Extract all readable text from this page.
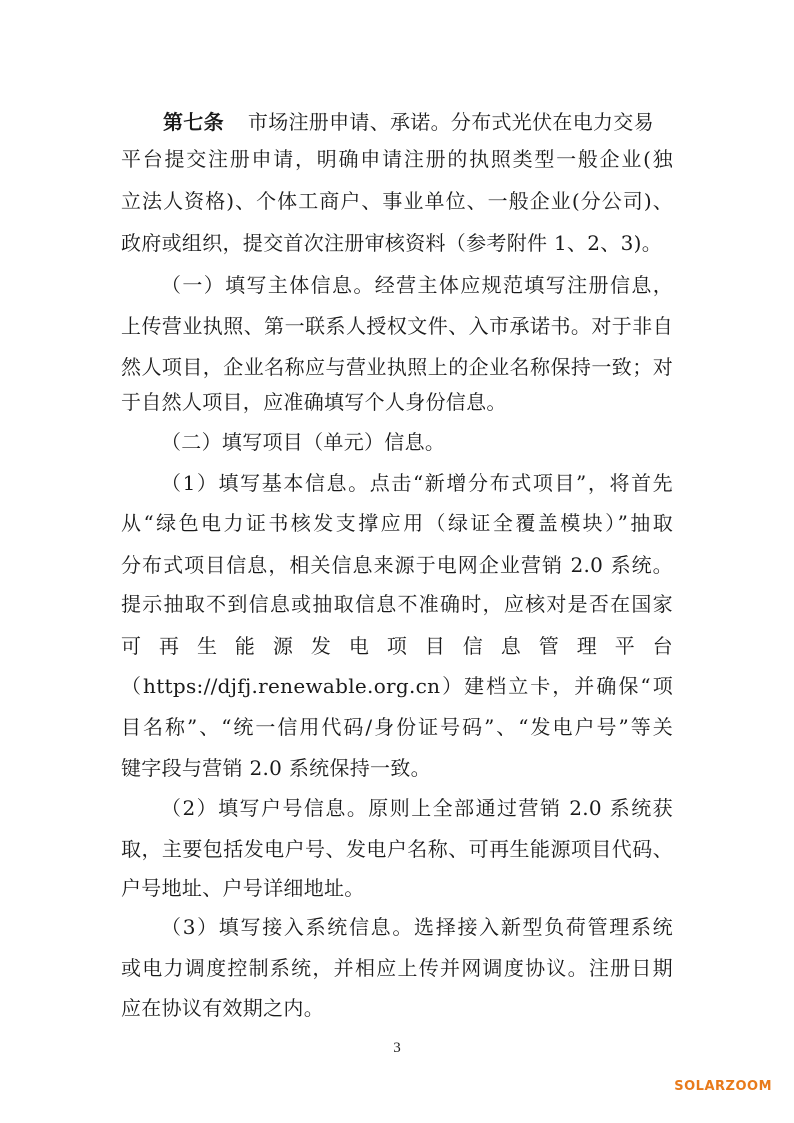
第七条 市场注册申请、承诺。分布式光伏在电力交易
平台提交注册申请，明确申请注册的执照类型一般企业(独
立法人资格)、个体工商户、事业单位、一般企业(分公司)、
政府或组织，提交首次注册审核资料（参考附件 1、2、3)。
（一）填写主体信息。经营主体应规范填写注册信息，
上传营业执照、第一联系人授权文件、入市承诺书。对于非自
然人项目，企业名称应与营业执照上的企业名称保持一致；对
于自然人项目，应准确填写个人身份信息。
（二）填写项目（单元）信息。
（1）填写基本信息。点击“新增分布式项目”，将首先
从“绿色电力证书核发支撑应用（绿证全覆盖模块）”抽取
分布式项目信息，相关信息来源于电网企业营销 2.0 系统。
提示抽取不到信息或抽取信息不准确时，应核对是否在国家
可 再 生 能 源 发 电 项 目 信 息 管 理 平 台
（https://djfj.renewable.org.cn）建档立卡，并确保“项
目名称”、“统一信用代码/身份证号码”、“发电户号”等关
键字段与营销 2.0 系统保持一致。
（2）填写户号信息。原则上全部通过营销 2.0 系统获
取，主要包括发电户号、发电户名称、可再生能源项目代码、
户号地址、户号详细地址。
（3）填写接入系统信息。选择接入新型负荷管理系统
或电力调度控制系统，并相应上传并网调度协议。注册日期
应在协议有效期之内。
3
SOLARZOOM
